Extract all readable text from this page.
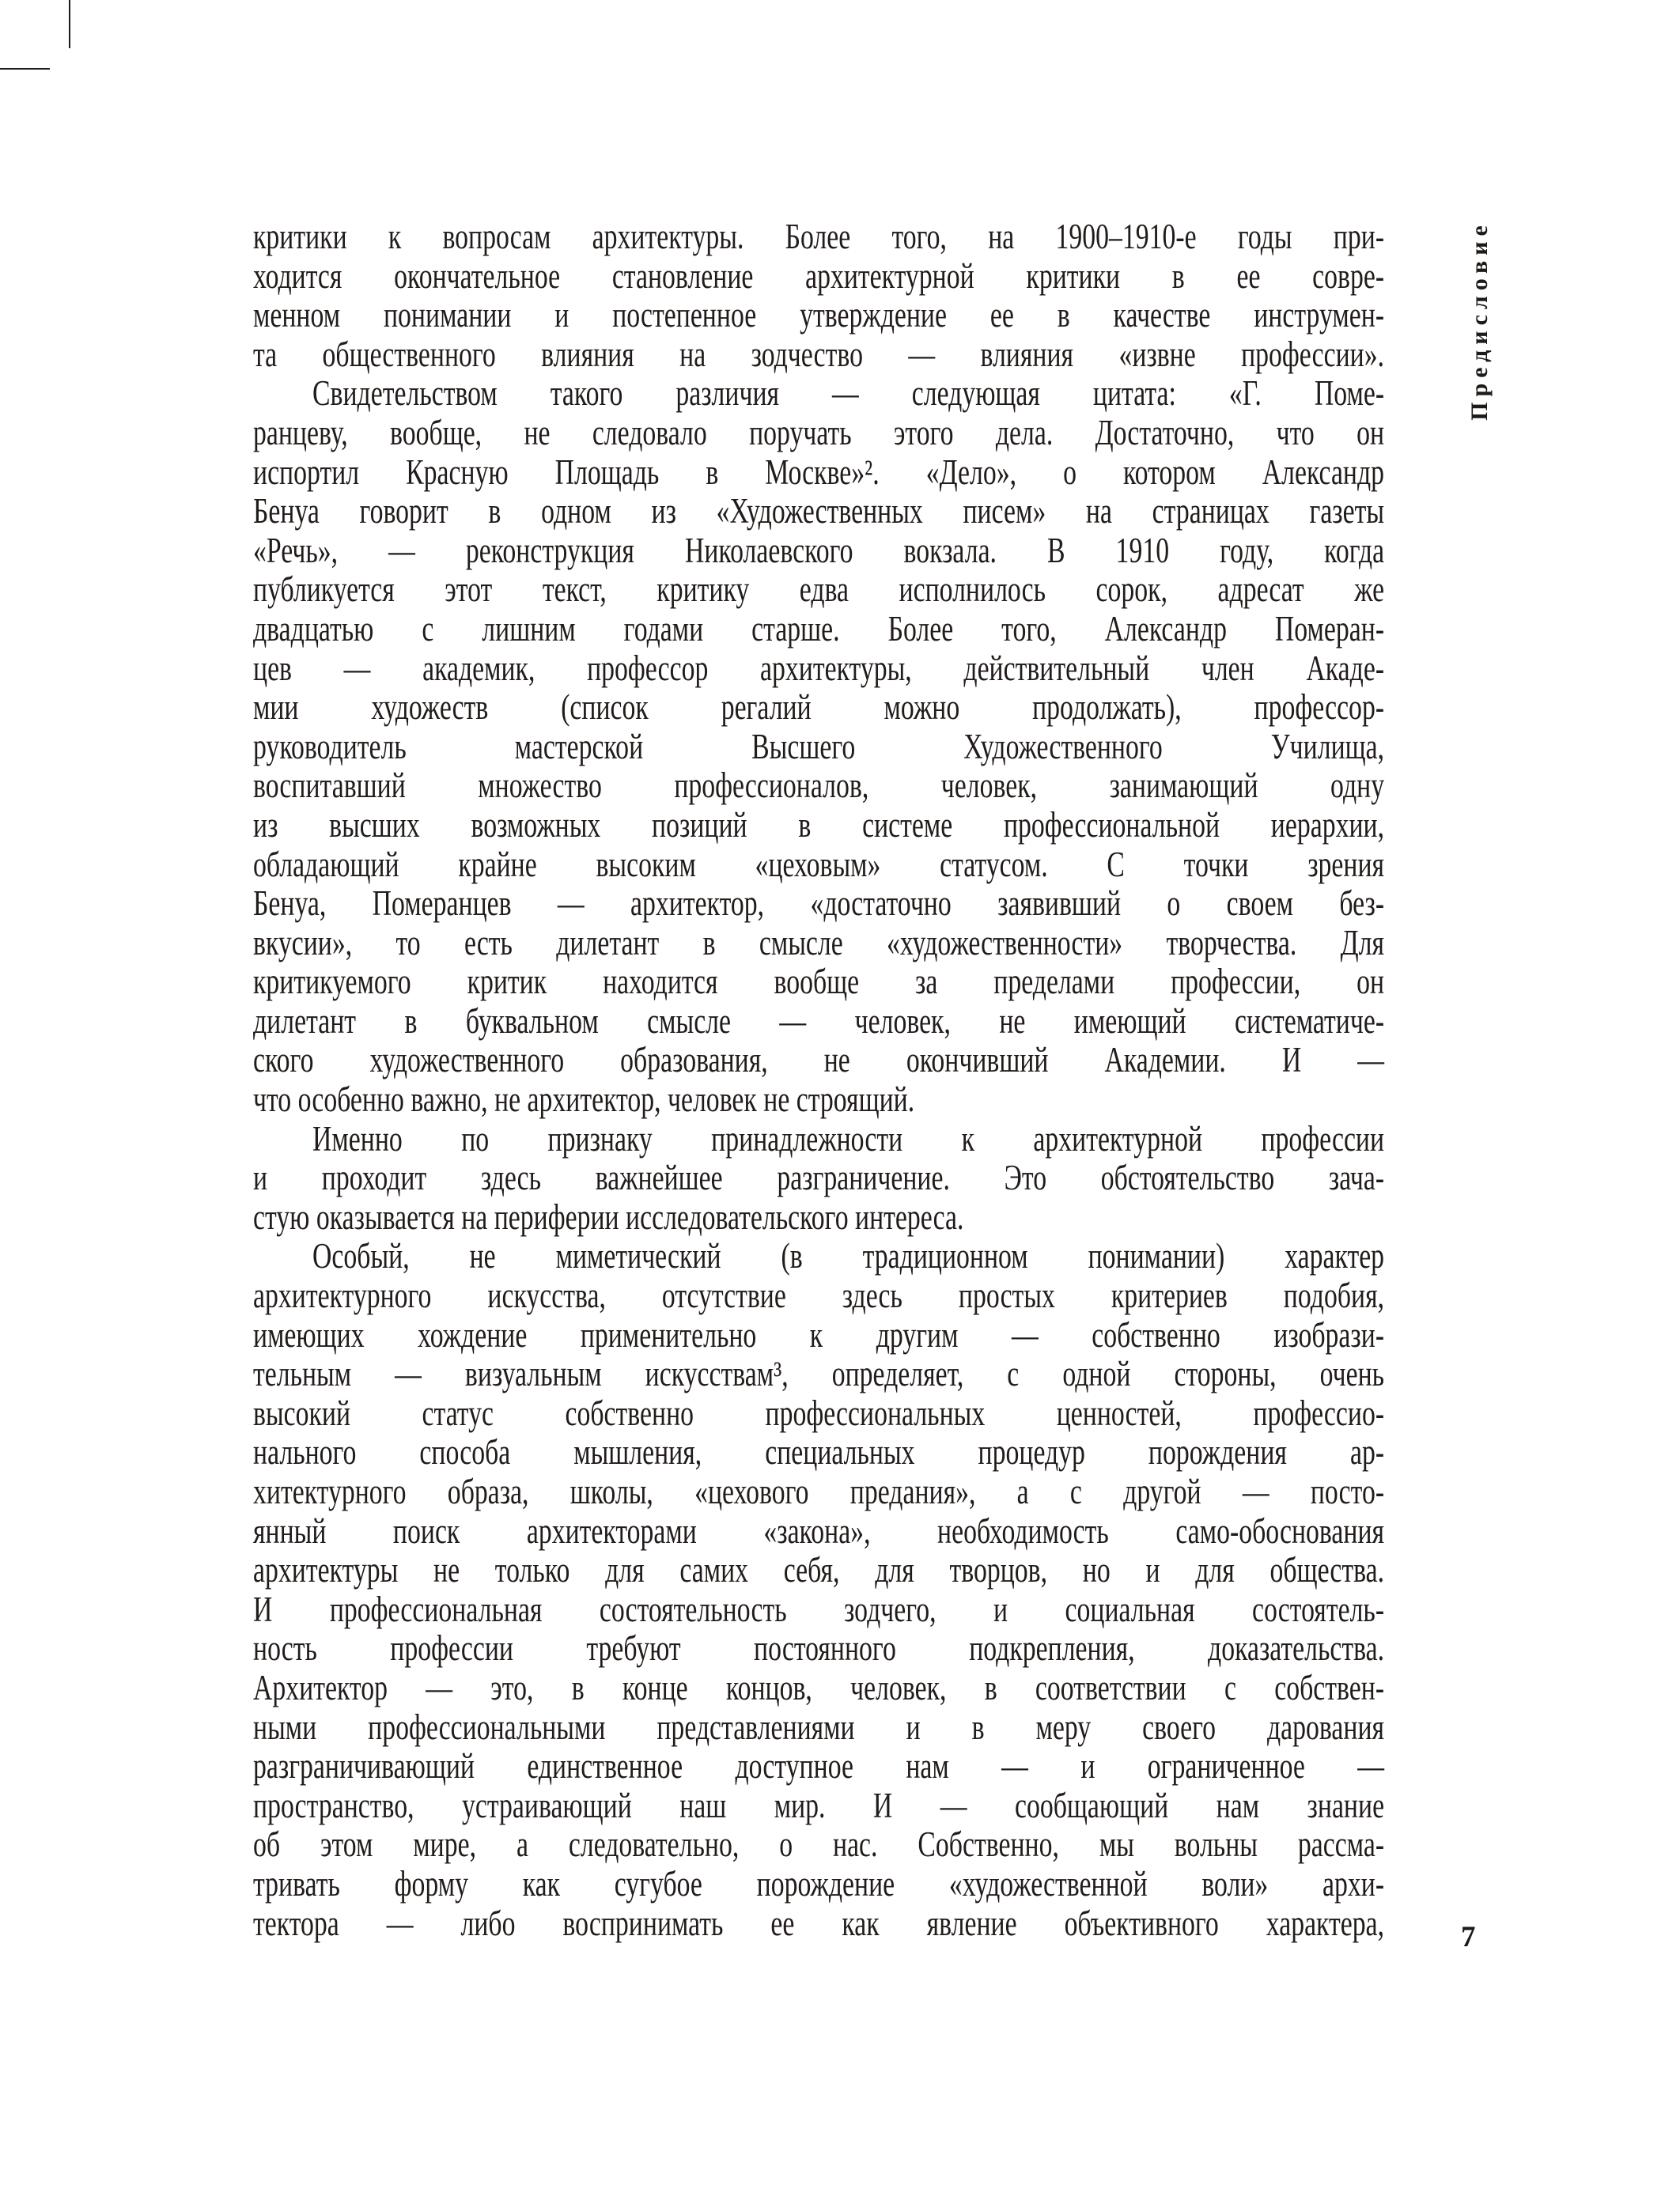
критики к вопросам архитектуры. Более того, на 1900–1910-е годы при-
ходится окончательное становление архитектурной критики в ее совре-
менном понимании и постепенное утверждение ее в качестве инструмен-
та общественного влияния на зодчество — влияния «извне профессии».
Свидетельством такого различия — следующая цитата: «Г. Поме-
ранцеву, вообще, не следовало поручать этого дела. Достаточно, что он
испортил Красную Площадь в Москве»². «Дело», о котором Александр
Бенуа говорит в одном из «Художественных писем» на страницах газеты
«Речь», — реконструкция Николаевского вокзала. В 1910 году, когда
публикуется этот текст, критику едва исполнилось сорок, адресат же
двадцатью с лишним годами старше. Более того, Александр Померан-
цев — академик, профессор архитектуры, действительный член Акаде-
мии художеств (список регалий можно продолжать), профессор-
руководитель мастерской Высшего Художественного Училища,
воспитавший множество профессионалов, человек, занимающий одну
из высших возможных позиций в системе профессиональной иерархии,
обладающий крайне высоким «цеховым» статусом. С точки зрения
Бенуа, Померанцев — архитектор, «достаточно заявивший о своем без-
вкусии», то есть дилетант в смысле «художественности» творчества. Для
критикуемого критик находится вообще за пределами профессии, он
дилетант в буквальном смысле — человек, не имеющий систематиче-
ского художественного образования, не окончивший Академии. И —
что особенно важно, не архитектор, человек не строящий.
Именно по признаку принадлежности к архитектурной профессии
и проходит здесь важнейшее разграничение. Это обстоятельство зача-
стую оказывается на периферии исследовательского интереса.
Особый, не миметический (в традиционном понимании) характер
архитектурного искусства, отсутствие здесь простых критериев подобия,
имеющих хождение применительно к другим — собственно изобрази-
тельным — визуальным искусствам³, определяет, с одной стороны, очень
высокий статус собственно профессиональных ценностей, профессио-
нального способа мышления, специальных процедур порождения ар-
хитектурного образа, школы, «цехового предания», а с другой — посто-
янный поиск архитекторами «закона», необходимость само-обоснования
архитектуры не только для самих себя, для творцов, но и для общества.
И профессиональная состоятельность зодчего, и социальная состоятель-
ность профессии требуют постоянного подкрепления, доказательства.
Архитектор — это, в конце концов, человек, в соответствии с собствен-
ными профессиональными представлениями и в меру своего дарования
разграничивающий единственное доступное нам — и ограниченное —
пространство, устраивающий наш мир. И — сообщающий нам знание
об этом мире, а следовательно, о нас. Собственно, мы вольны рассма-
тривать форму как сугубое порождение «художественной воли» архи-
тектора — либо воспринимать ее как явление объективного характера,
Предисловие
7
